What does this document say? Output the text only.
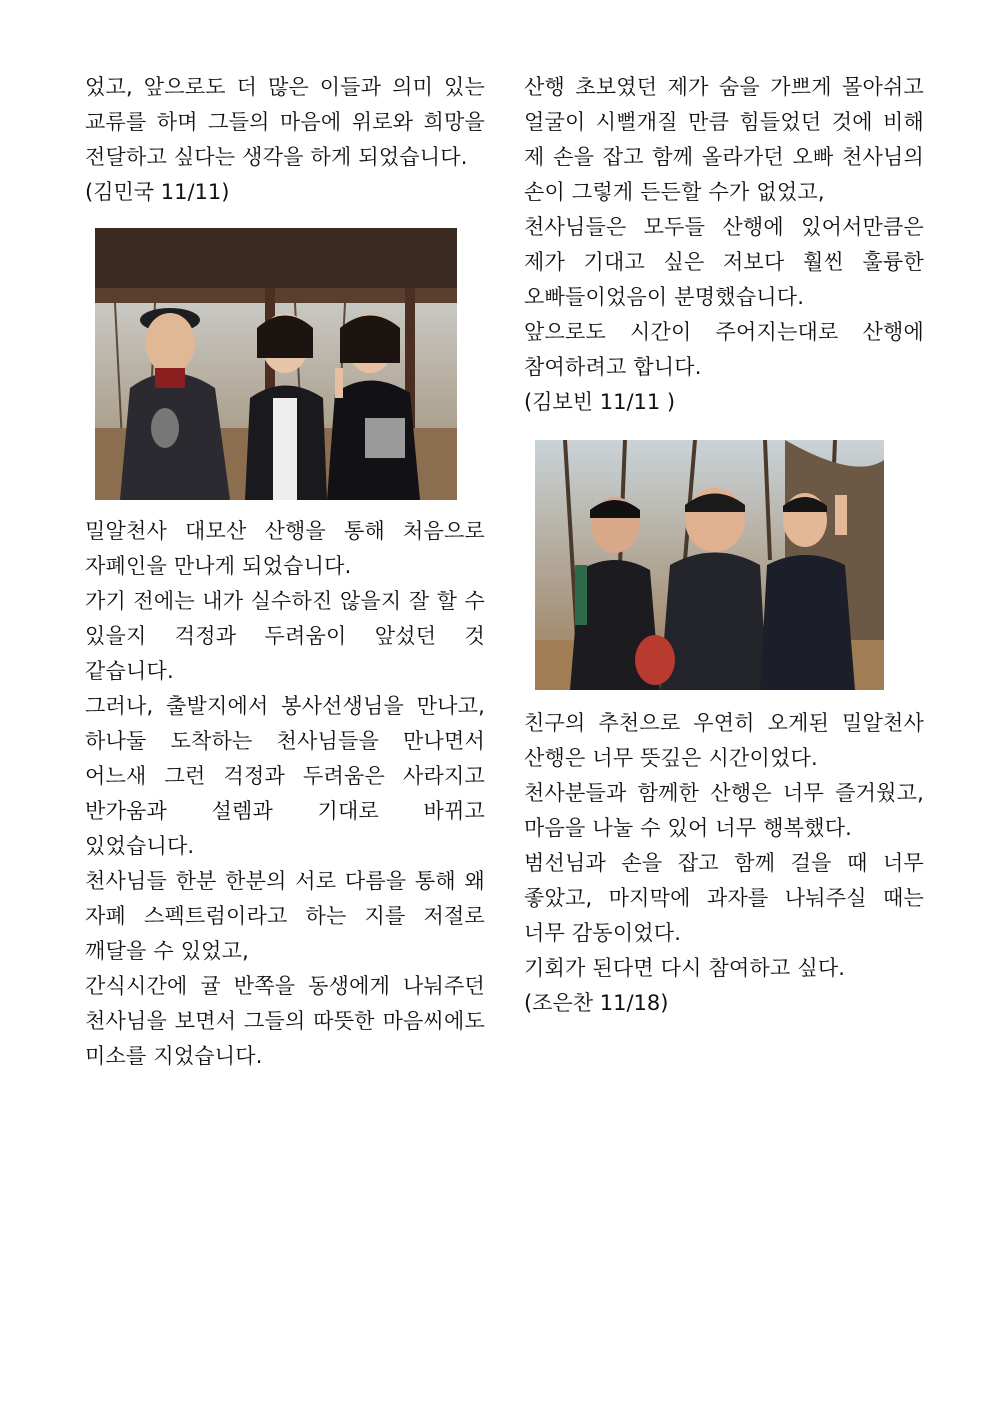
었고, 앞으로도 더 많은 이들과 의미 있는 교류를 하며 그들의 마음에 위로와 희망을 전달하고 싶다는 생각을 하게 되었습니다.

(김민국 11/11)

밀알천사 대모산 산행을 통해 처음으로 자폐인을 만나게 되었습니다.

가기 전에는 내가 실수하진 않을지 잘 할 수 있을지 걱정과 두려움이 앞섰던 것 같습니다.

그러나, 출발지에서 봉사선생님을 만나고, 하나둘 도착하는 천사님들을 만나면서 어느새 그런 걱정과 두려움은 사라지고 반가움과 설렘과 기대로 바뀌고 있었습니다.

천사님들 한분 한분의 서로 다름을 통해 왜 자폐 스펙트럼이라고 하는 지를 저절로 깨달을 수 있었고,

간식시간에 귤 반쪽을 동생에게 나눠주던 천사님을 보면서 그들의 따뜻한 마음씨에도 미소를 지었습니다.

산행 초보였던 제가 숨을 가쁘게 몰아쉬고 얼굴이 시뻘개질 만큼 힘들었던 것에 비해 제 손을 잡고 함께 올라가던 오빠 천사님의 손이 그렇게 든든할 수가 없었고,

천사님들은 모두들 산행에 있어서만큼은 제가 기대고 싶은 저보다 훨씬 훌륭한 오빠들이었음이 분명했습니다.

앞으로도 시간이 주어지는대로 산행에 참여하려고 합니다.

(김보빈 11/11 )

친구의 추천으로 우연히 오게된 밀알천사 산행은 너무 뜻깊은 시간이었다.

천사분들과 함께한 산행은 너무 즐거웠고, 마음을 나눌 수 있어 너무 행복했다.

범선님과 손을 잡고 함께 걸을 때 너무 좋았고, 마지막에 과자를 나눠주실 때는 너무 감동이었다.

기회가 된다면 다시 참여하고 싶다.

(조은찬 11/18)
